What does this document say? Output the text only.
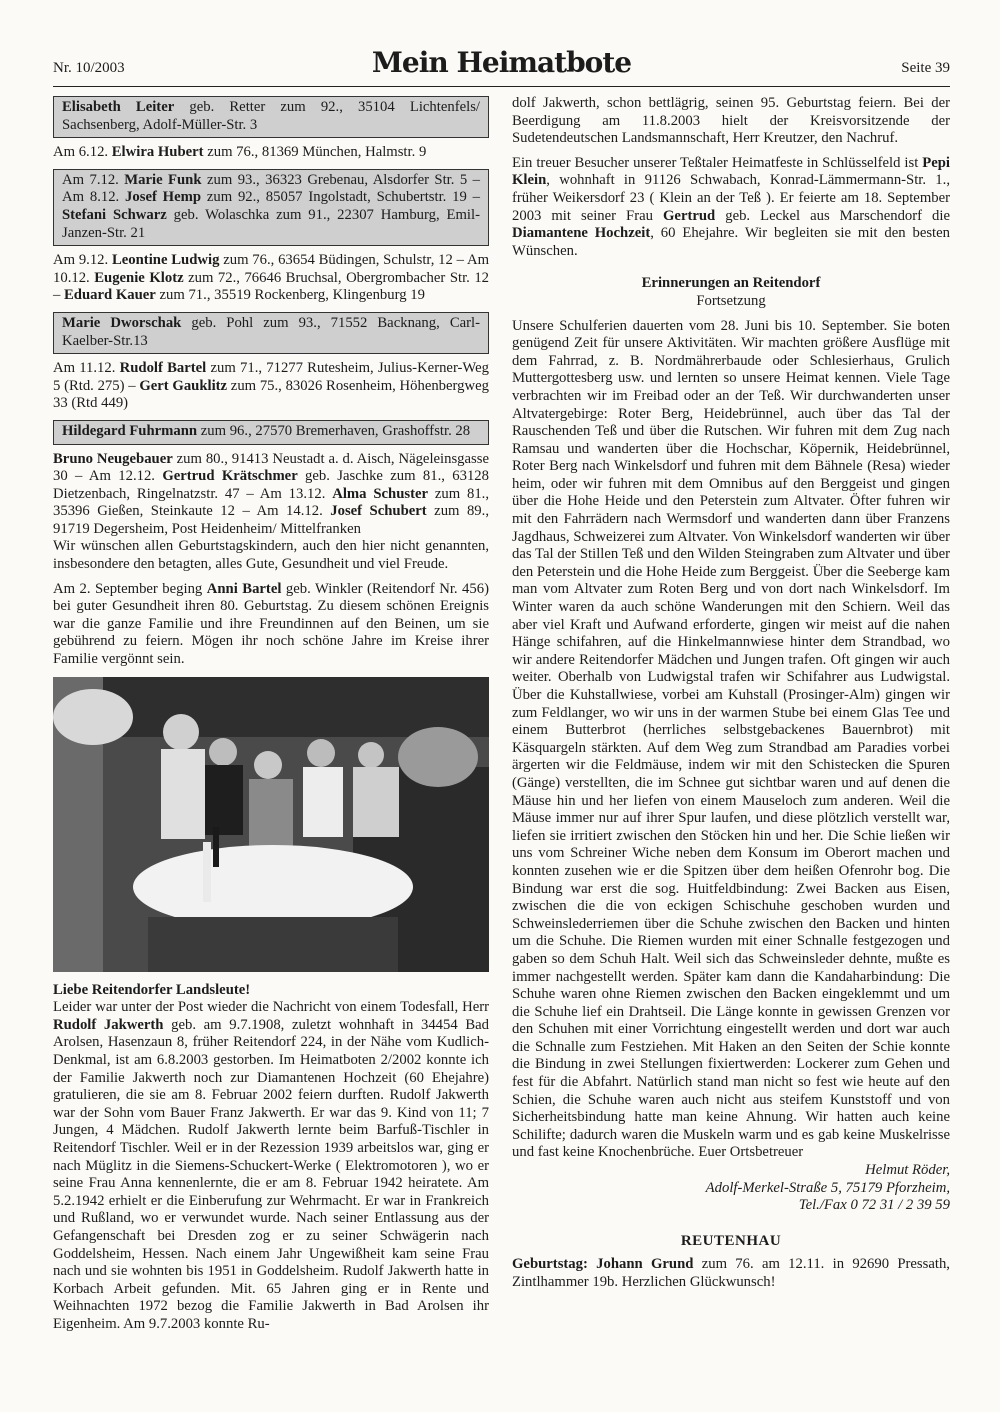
Nr. 10/2003	Mein Heimatbote	Seite 39
Elisabeth Leiter geb. Retter zum 92., 35104 Lichtenfels/ Sachsenberg, Adolf-Müller-Str. 3

Am 6.12. Elwira Hubert zum 76., 81369 München, Halmstr. 9

Am 7.12. Marie Funk zum 93., 36323 Grebenau, Alsdorfer Str. 5 – Am 8.12. Josef Hemp zum 92., 85057 Ingolstadt, Schubertstr. 19 – Stefani Schwarz geb. Wolaschka zum 91., 22307 Hamburg, Emil-Janzen-Str. 21

Am 9.12. Leontine Ludwig zum 76., 63654 Büdingen, Schulstr, 12 – Am 10.12. Eugenie Klotz zum 72., 76646 Bruchsal, Obergrombacher Str. 12 – Eduard Kauer zum 71., 35519 Rockenberg, Klingenburg 19

Marie Dworschak geb. Pohl zum 93., 71552 Backnang, Carl-Kaelber-Str.13

Am 11.12. Rudolf Bartel zum 71., 71277 Rutesheim, Julius-Kerner-Weg 5 (Rtd. 275) – Gert Gauklitz zum 75., 83026 Rosenheim, Höhenbergweg 33 (Rtd 449)

Hildegard Fuhrmann zum 96., 27570 Bremerhaven, Grashoffstr. 28

Bruno Neugebauer zum 80., 91413 Neustadt a. d. Aisch, Nägeleinsgasse 30 – Am 12.12. Gertrud Krätschmer geb. Jaschke zum 81., 63128 Dietzenbach, Ringelnatzstr. 47 – Am 13.12. Alma Schuster zum 81., 35396 Gießen, Steinkaute 12 – Am 14.12. Josef Schubert zum 89., 91719 Degersheim, Post Heidenheim/ Mittelfranken

Wir wünschen allen Geburtstagskindern, auch den hier nicht genannten, insbesondere den betagten, alles Gute, Gesundheit und viel Freude.

Am 2. September beging Anni Bartel geb. Winkler (Reitendorf Nr. 456) bei guter Gesundheit ihren 80. Geburtstag. Zu diesem schönen Ereignis war die ganze Familie und ihre Freundinnen auf den Beinen, um sie gebührend zu feiern. Mögen ihr noch schöne Jahre im Kreise ihrer Familie vergönnt sein.

Liebe Reitendorfer Landsleute!

Leider war unter der Post wieder die Nachricht von einem Todesfall, Herr Rudolf Jakwerth geb. am 9.7.1908, zuletzt wohnhaft in 34454 Bad Arolsen, Hasenzaun 8, früher Reitendorf 224, in der Nähe vom Kudlich-Denkmal, ist am 6.8.2003 gestorben. Im Heimatboten 2/2002 konnte ich der Familie Jakwerth noch zur Diamantenen Hochzeit (60 Ehejahre) gratulieren, die sie am 8. Februar 2002 feiern durften. Rudolf Jakwerth war der Sohn vom Bauer Franz Jakwerth. Er war das 9. Kind von 11; 7 Jungen, 4 Mädchen. Rudolf Jakwerth lernte beim Barfuß-Tischler in Reitendorf Tischler. Weil er in der Rezession 1939 arbeitslos war, ging er nach Müglitz in die Siemens-Schuckert-Werke ( Elektromotoren ), wo er seine Frau Anna kennenlernte, die er am 8. Februar 1942 heiratete. Am 5.2.1942 erhielt er die Einberufung zur Wehrmacht. Er war in Frankreich und Rußland, wo er verwundet wurde. Nach seiner Entlassung aus der Gefangenschaft bei Dresden zog er zu seiner Schwägerin nach Goddelsheim, Hessen. Nach einem Jahr Ungewißheit kam seine Frau nach und sie wohnten bis 1951 in Goddelsheim. Rudolf Jakwerth hatte in Korbach Arbeit gefunden. Mit. 65 Jahren ging er in Rente und Weihnachten 1972 bezog die Familie Jakwerth in Bad Arolsen ihr Eigenheim. Am 9.7.2003 konnte Ru-

dolf Jakwerth, schon bettlägrig, seinen 95. Geburtstag feiern. Bei der Beerdigung am 11.8.2003 hielt der Kreisvorsitzende der Sudetendeutschen Landsmannschaft, Herr Kreutzer, den Nachruf.

Ein treuer Besucher unserer Teßtaler Heimatfeste in Schlüsselfeld ist Pepi Klein, wohnhaft in 91126 Schwabach, Konrad-Lämmermann-Str. 1., früher Weikersdorf 23 ( Klein an der Teß ). Er feierte am 18. September 2003 mit seiner Frau Gertrud geb. Leckel aus Marschendorf die Diamantene Hochzeit, 60 Ehejahre. Wir begleiten sie mit den besten Wünschen.

Erinnerungen an Reitendorf

Fortsetzung

Unsere Schulferien dauerten vom 28. Juni bis 10. September. Sie boten genügend Zeit für unsere Aktivitäten. Wir machten größere Ausflüge mit dem Fahrrad, z. B. Nordmährerbaude oder Schlesierhaus, Grulich Muttergottesberg usw. und lernten so unsere Heimat kennen. Viele Tage verbrachten wir im Freibad oder an der Teß. Wir durchwanderten unser Altvatergebirge: Roter Berg, Heidebrünnel, auch über das Tal der Rauschenden Teß und über die Rutschen. Wir fuhren mit dem Zug nach Ramsau und wanderten über die Hochschar, Köpernik, Heidebrünnel, Roter Berg nach Winkelsdorf und fuhren mit dem Bähnele (Resa) wieder heim, oder wir fuhren mit dem Omnibus auf den Berggeist und gingen über die Hohe Heide und den Peterstein zum Altvater. Öfter fuhren wir mit den Fahrrädern nach Wermsdorf und wanderten dann über Franzens Jagdhaus, Schweizerei zum Altvater. Von Winkelsdorf wanderten wir über das Tal der Stillen Teß und den Wilden Steingraben zum Altvater und über den Peterstein und die Hohe Heide zum Berggeist. Über die Seeberge kam man vom Altvater zum Roten Berg und von dort nach Winkelsdorf. Im Winter waren da auch schöne Wanderungen mit den Schiern. Weil das aber viel Kraft und Aufwand erforderte, gingen wir meist auf die nahen Hänge schifahren, auf die Hinkelmannwiese hinter dem Strandbad, wo wir andere Reitendorfer Mädchen und Jungen trafen. Oft gingen wir auch weiter. Oberhalb von Ludwigstal trafen wir Schifahrer aus Ludwigstal. Über die Kuhstallwiese, vorbei am Kuhstall (Prosinger-Alm) gingen wir zum Feldlanger, wo wir uns in der warmen Stube bei einem Glas Tee und einem Butterbrot (herrliches selbstgebackenes Bauernbrot) mit Käsquargeln stärkten. Auf dem Weg zum Strandbad am Paradies vorbei ärgerten wir die Feldmäuse, indem wir mit den Schistecken die Spuren (Gänge) verstellten, die im Schnee gut sichtbar waren und auf denen die Mäuse hin und her liefen von einem Mauseloch zum anderen. Weil die Mäuse immer nur auf ihrer Spur laufen, und diese plötzlich verstellt war, liefen sie irritiert zwischen den Stöcken hin und her. Die Schie ließen wir uns vom Schreiner Wiche neben dem Konsum im Oberort machen und konnten zusehen wie er die Spitzen über dem heißen Ofenrohr bog. Die Bindung war erst die sog. Huitfeldbindung: Zwei Backen aus Eisen, zwischen die die von eckigen Schischuhe geschoben wurden und Schweinslederriemen über die Schuhe zwischen den Backen und hinten um die Schuhe. Die Riemen wurden mit einer Schnalle festgezogen und gaben so dem Schuh Halt. Weil sich das Schweinsleder dehnte, mußte es immer nachgestellt werden. Später kam dann die Kandaharbindung: Die Schuhe waren ohne Riemen zwischen den Backen eingeklemmt und um die Schuhe lief ein Drahtseil. Die Länge konnte in gewissen Grenzen vor den Schuhen mit einer Vorrichtung eingestellt werden und dort war auch die Schnalle zum Festziehen. Mit Haken an den Seiten der Schie konnte die Bindung in zwei Stellungen fixiertwerden: Lockerer zum Gehen und fest für die Abfahrt. Natürlich stand man nicht so fest wie heute auf den Schien, die Schuhe waren auch nicht aus steifem Kunststoff und von Sicherheitsbindung hatte man keine Ahnung. Wir hatten auch keine Schilifte; dadurch waren die Muskeln warm und es gab keine Muskelrisse und fast keine Knochenbrüche. Euer Ortsbetreuer

Helmut Röder,
Adolf-Merkel-Straße 5, 75179 Pforzheim,
Tel./Fax 0 72 31 / 2 39 59
REUTENHAU

Geburtstag: Johann Grund zum 76. am 12.11. in 92690 Pressath, Zintlhammer 19b. Herzlichen Glückwunsch!
